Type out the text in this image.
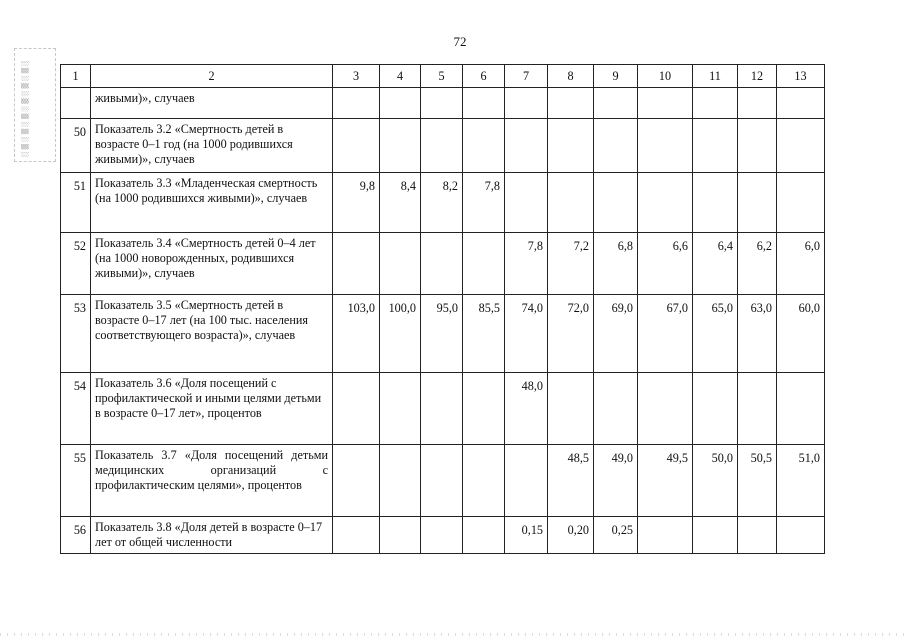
72
░ ▒ ░ ▒ ░ ▒ ░ ▒ ░ ▒ ░ ▒ ░	1	2	3	4	5	6	7	8	9	10	11	12	13
	живыми)», случаев											
50	Показатель 3.2 «Смертность детей в возрасте 0–1 год (на 1000 родившихся живыми)», случаев											
51	Показатель 3.3 «Младенческая смертность (на 1000 родившихся живыми)», случаев	9,8	8,4	8,2	7,8							
52	Показатель 3.4 «Смертность детей 0–4 лет (на 1000 новорожденных, родившихся живыми)», случаев					7,8	7,2	6,8	6,6	6,4	6,2	6,0
53	Показатель 3.5 «Смертность детей в возрасте 0–17 лет (на 100 тыс. населения соответствующего возраста)», случаев	103,0	100,0	95,0	85,5	74,0	72,0	69,0	67,0	65,0	63,0	60,0
54	Показатель 3.6 «Доля посещений с профилактической и иными целями детьми в возрасте 0–17 лет», процентов					48,0						
55	Показатель 3.7 «Доля посещений детьми медицинских организаций с профилактическим целями», процентов						48,5	49,0	49,5	50,0	50,5	51,0
56	Показатель 3.8 «Доля детей в возрасте 0–17 лет от общей численности					0,15	0,20	0,25				
